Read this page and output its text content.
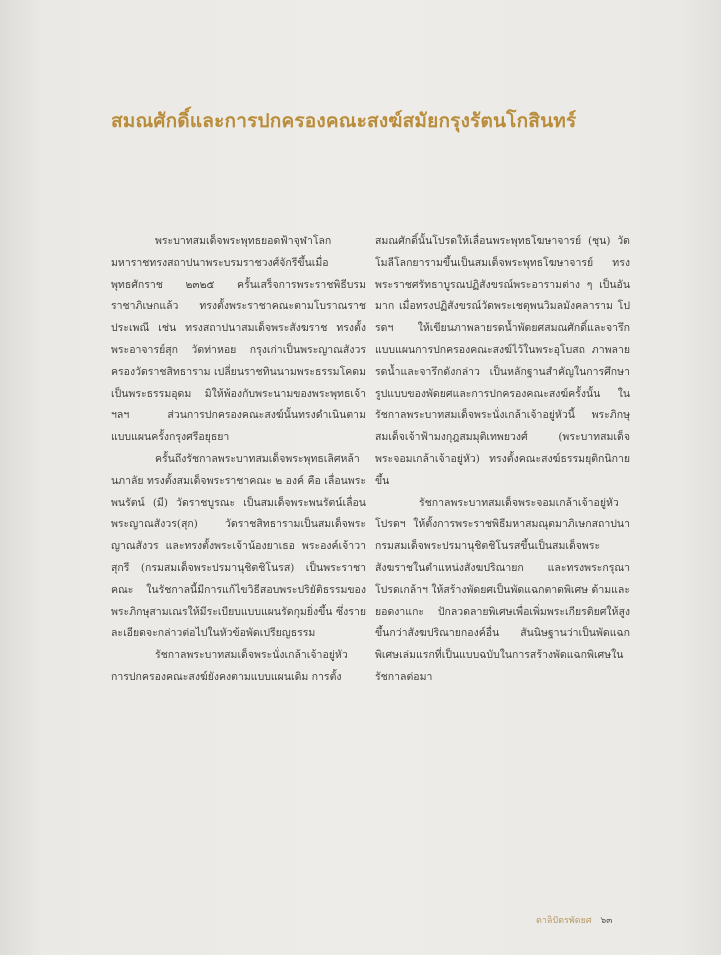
สมณศักดิ์และการปกครองคณะสงฆ์สมัยกรุงรัตนโกสินทร์

พระบาทสมเด็จพระพุทธยอดฟ้าจุฬาโลกมหาราชทรงสถาปนาพระบรมราชวงศ์จักรีขึ้นเมื่อพุทธศักราช ๒๓๒๕ ครั้นเสร็จการพระราชพิธีบรมราชาภิเษกแล้ว ทรงตั้งพระราชาคณะตามโบราณราชประเพณี เช่น ทรงสถาปนาสมเด็จพระสังฆราช ทรงตั้งพระอาจารย์สุก วัดท่าหอย กรุงเก่าเป็นพระญาณสังวร ครองวัดราชสิทธาราม เปลี่ยนราชทินนามพระธรรมโคดมเป็นพระธรรมอุดม มิให้พ้องกับพระนามของพระพุทธเจ้า ฯลฯ ส่วนการปกครองคณะสงฆ์นั้นทรงดำเนินตามแบบแผนครั้งกรุงศรีอยุธยา

ครั้นถึงรัชกาลพระบาทสมเด็จพระพุทธเลิศหล้านภาลัย ทรงตั้งสมเด็จพระราชาคณะ ๒ องค์ คือ เลื่อนพระพนรัตน์ (มี) วัดราชบูรณะ เป็นสมเด็จพระพนรัตน์เลื่อนพระญาณสังวร(สุก) วัดราชสิทธารามเป็นสมเด็จพระญาณสังวร และทรงตั้งพระเจ้าน้องยาเธอ พระองค์เจ้าวาสุกรี (กรมสมเด็จพระปรมานุชิตชิโนรส) เป็นพระราชาคณะ ในรัชกาลนี้มีการแก้ไขวิธีสอบพระปริยัติธรรมของพระภิกษุสามเณรให้มีระเบียบแบบแผนรัดกุมยิ่งขึ้น ซึ่งรายละเอียดจะกล่าวต่อไปในหัวข้อพัดเปรียญธรรม

รัชกาลพระบาทสมเด็จพระนั่งเกล้าเจ้าอยู่หัว การปกครองคณะสงฆ์ยังคงตามแบบแผนเดิม การตั้ง

สมณศักดิ์นั้นโปรดให้เลื่อนพระพุทธโฆษาจารย์ (ชุน) วัดโมลีโลกยารามขึ้นเป็นสมเด็จพระพุทธโฆษาจารย์ ทรงพระราชศรัทธาบูรณปฏิสังขรณ์พระอารามต่าง ๆ เป็นอันมาก เมื่อทรงปฏิสังขรณ์วัดพระเชตุพนวิมลมังคลาราม โปรดฯ ให้เขียนภาพลายรดน้ำพัดยศสมณศักดิ์และจารึกแบบแผนการปกครองคณะสงฆ์ไว้ในพระอุโบสถ ภาพลายรดน้ำและจารึกดังกล่าว เป็นหลักฐานสำคัญในการศึกษารูปแบบของพัดยศและการปกครองคณะสงฆ์ครั้งนั้น ในรัชกาลพระบาทสมเด็จพระนั่งเกล้าเจ้าอยู่หัวนี้ พระภิกษุสมเด็จเจ้าฟ้ามงกุฎสมมุติเทพยวงศ์ (พระบาทสมเด็จพระจอมเกล้าเจ้าอยู่หัว) ทรงตั้งคณะสงฆ์ธรรมยุติกนิกายขึ้น

รัชกาลพระบาทสมเด็จพระจอมเกล้าเจ้าอยู่หัวโปรดฯ ให้ตั้งการพระราชพิธีมหาสมณุตมาภิเษกสถาปนากรมสมเด็จพระปรมานุชิตชิโนรสขึ้นเป็นสมเด็จพระสังฆราชในตำแหน่งสังฆปริณายก และทรงพระกรุณาโปรดเกล้าฯ ให้สร้างพัดยศเป็นพัดแฉกตาดพิเศษ ด้ามและยอดงาแกะ ปักลวดลายพิเศษเพื่อเพิ่มพระเกียรติยศให้สูงขึ้นกว่าสังฆปริณายกองค์อื่น สันนิษฐานว่าเป็นพัดแฉกพิเศษเล่มแรกที่เป็นแบบฉบับในการสร้างพัดแฉกพิเศษในรัชกาลต่อมา

ตาลิปัตรพัดยศ ๖๓
